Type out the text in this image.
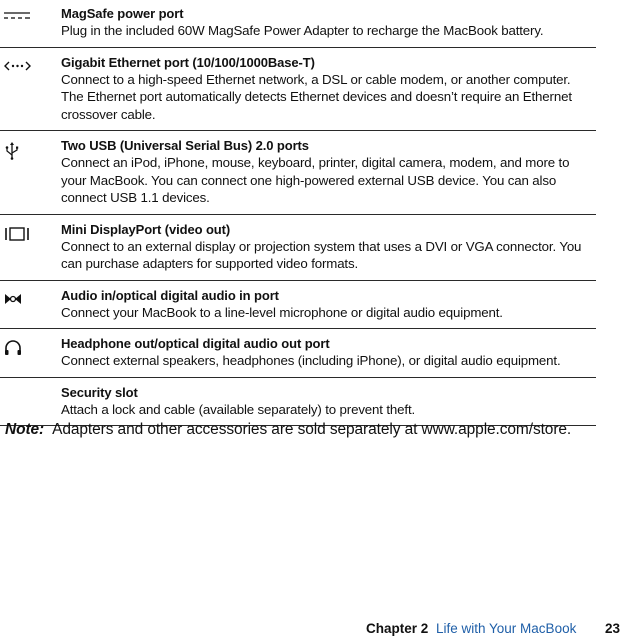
MagSafe power port
Plug in the included 60W MagSafe Power Adapter to recharge the MacBook battery.
Gigabit Ethernet port (10/100/1000Base-T)
Connect to a high-speed Ethernet network, a DSL or cable modem, or another computer. The Ethernet port automatically detects Ethernet devices and doesn’t require an Ethernet crossover cable.
Two USB (Universal Serial Bus) 2.0 ports
Connect an iPod, iPhone, mouse, keyboard, printer, digital camera, modem, and more to your MacBook. You can connect one high-powered external USB device. You can also connect USB 1.1 devices.
Mini DisplayPort (video out)
Connect to an external display or projection system that uses a DVI or VGA connector. You can purchase adapters for supported video formats.
Audio in/optical digital audio in port
Connect your MacBook to a line-level microphone or digital audio equipment.
Headphone out/optical digital audio out port
Connect external speakers, headphones (including iPhone), or digital audio equipment.
Security slot
Attach a lock and cable (available separately) to prevent theft.
Note: Adapters and other accessories are sold separately at www.apple.com/store.
Chapter 2 Life with Your MacBook 23
